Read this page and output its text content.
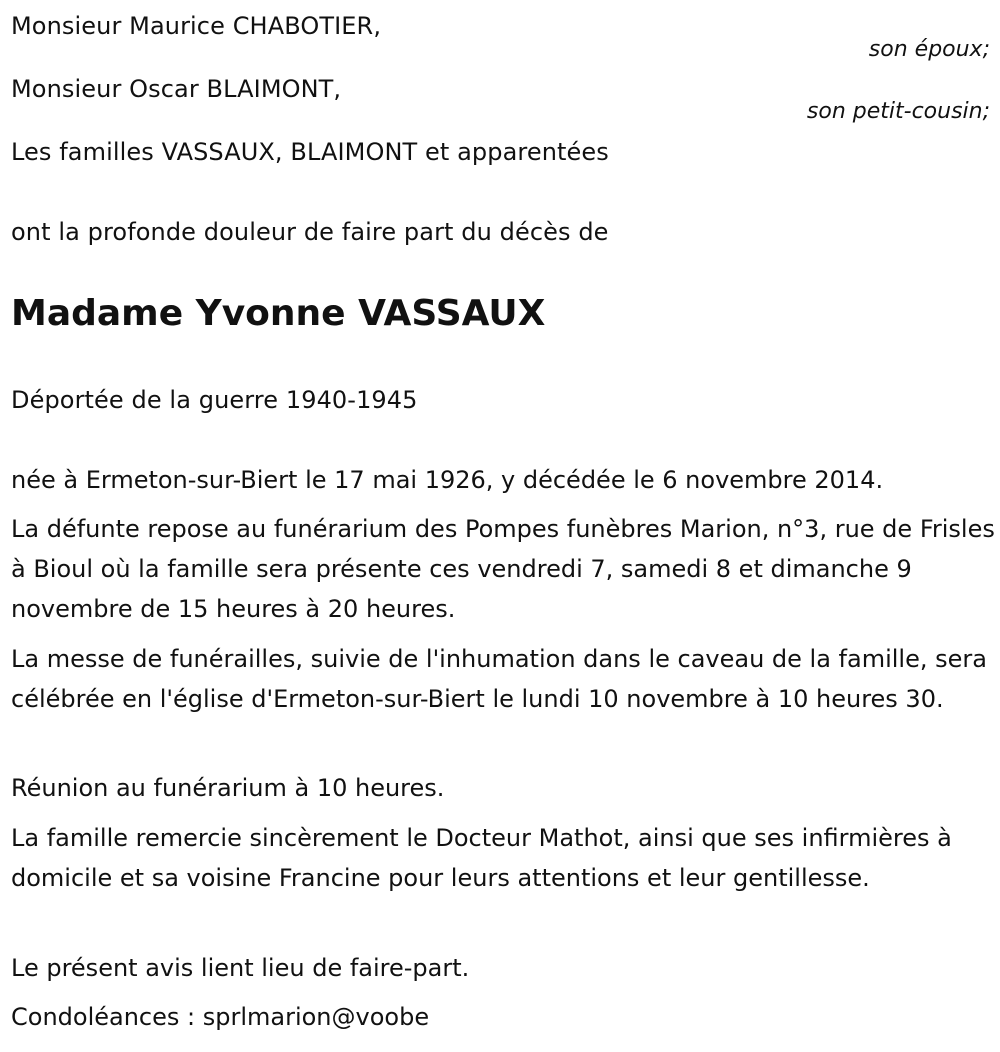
Monsieur Maurice CHABOTIER,
son époux;
Monsieur Oscar BLAIMONT,
son petit-cousin;
Les familles VASSAUX, BLAIMONT et apparentées
ont la profonde douleur de faire part du décès de
Madame Yvonne VASSAUX
Déportée de la guerre 1940-1945

née à Ermeton-sur-Biert le 17 mai 1926, y décédée le 6 novembre 2014.

La défunte repose au funérarium des Pompes funèbres Marion, n°3, rue de Frisles à Bioul où la famille sera présente ces vendredi 7, samedi 8 et dimanche 9 novembre de 15 heures à 20 heures.

La messe de funérailles, suivie de l'inhumation dans le caveau de la famille, sera célébrée en l'église d'Ermeton-sur-Biert le lundi 10 novembre à 10 heures 30.

Réunion au funérarium à 10 heures.

La famille remercie sincèrement le Docteur Mathot, ainsi que ses infirmières à domicile et sa voisine Francine pour leurs attentions et leur gentillesse.

Le présent avis lient lieu de faire-part.

Condoléances : sprlmarion@voobe
